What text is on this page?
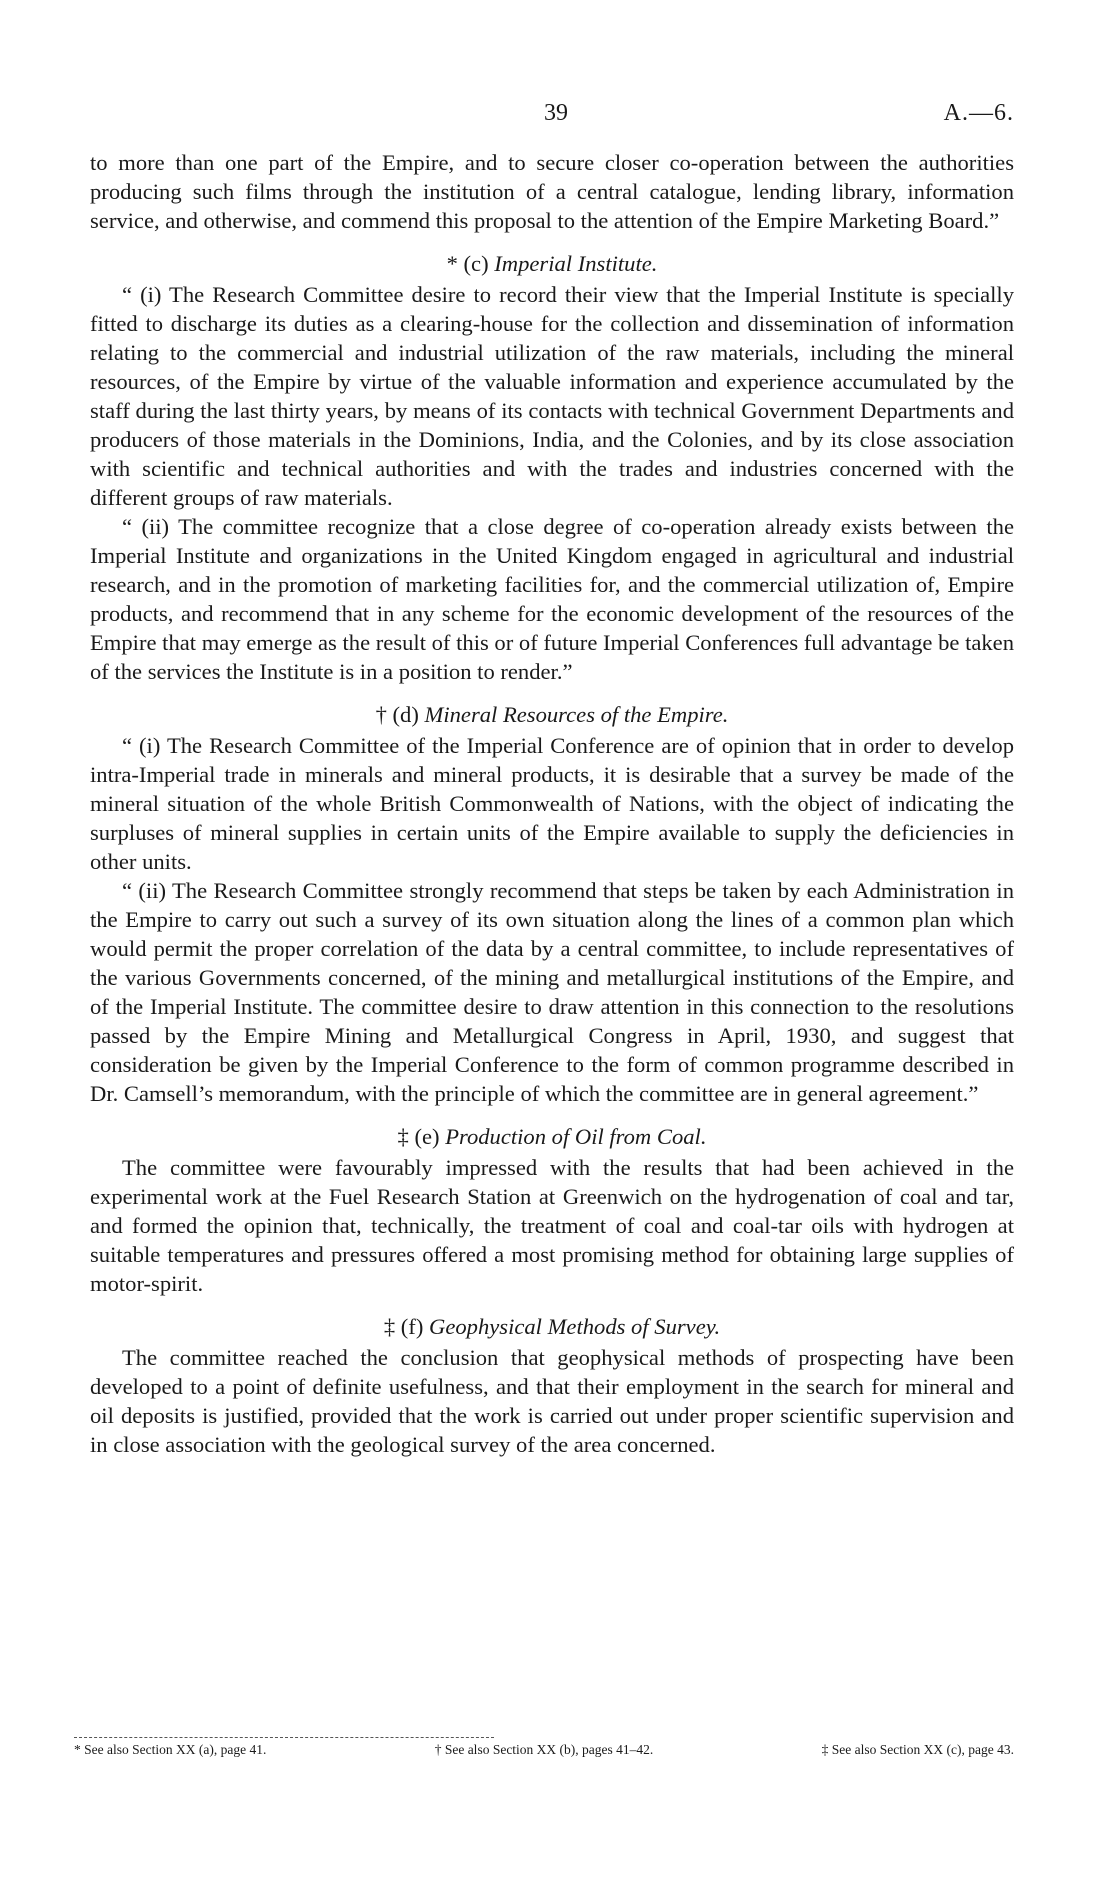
39	A.—6.

to more than one part of the Empire, and to secure closer co-operation between the authorities producing such films through the institution of a central catalogue, lending library, information service, and otherwise, and commend this proposal to the attention of the Empire Marketing Board.”

* (c) Imperial Institute.

“ (i) The Research Committee desire to record their view that the Imperial Institute is specially fitted to discharge its duties as a clearing-house for the collection and dissemination of information relating to the commercial and industrial utilization of the raw materials, including the mineral resources, of the Empire by virtue of the valuable information and experience accumulated by the staff during the last thirty years, by means of its contacts with technical Government Departments and producers of those materials in the Dominions, India, and the Colonies, and by its close association with scientific and technical authorities and with the trades and industries concerned with the different groups of raw materials.

“ (ii) The committee recognize that a close degree of co-operation already exists between the Imperial Institute and organizations in the United Kingdom engaged in agricultural and industrial research, and in the promotion of marketing facilities for, and the commercial utilization of, Empire products, and recommend that in any scheme for the economic development of the resources of the Empire that may emerge as the result of this or of future Imperial Conferences full advantage be taken of the services the Institute is in a position to render.”

† (d) Mineral Resources of the Empire.

“ (i) The Research Committee of the Imperial Conference are of opinion that in order to develop intra-Imperial trade in minerals and mineral products, it is desirable that a survey be made of the mineral situation of the whole British Commonwealth of Nations, with the object of indicating the surpluses of mineral supplies in certain units of the Empire available to supply the deficiencies in other units.

“ (ii) The Research Committee strongly recommend that steps be taken by each Administration in the Empire to carry out such a survey of its own situation along the lines of a common plan which would permit the proper correlation of the data by a central committee, to include representatives of the various Governments concerned, of the mining and metallurgical institutions of the Empire, and of the Imperial Institute. The committee desire to draw attention in this connection to the resolutions passed by the Empire Mining and Metallurgical Congress in April, 1930, and suggest that consideration be given by the Imperial Conference to the form of common programme described in Dr. Camsell’s memorandum, with the principle of which the committee are in general agreement.”

‡ (e) Production of Oil from Coal.

The committee were favourably impressed with the results that had been achieved in the experimental work at the Fuel Research Station at Greenwich on the hydrogenation of coal and tar, and formed the opinion that, technically, the treatment of coal and coal-tar oils with hydrogen at suitable temperatures and pressures offered a most promising method for obtaining large supplies of motor-spirit.

‡ (f) Geophysical Methods of Survey.

The committee reached the conclusion that geophysical methods of prospecting have been developed to a point of definite usefulness, and that their employment in the search for mineral and oil deposits is justified, provided that the work is carried out under proper scientific supervision and in close association with the geological survey of the area concerned.

* See also Section XX (a), page 41.	† See also Section XX (b), pages 41–42.	‡ See also Section XX (c), page 43.
